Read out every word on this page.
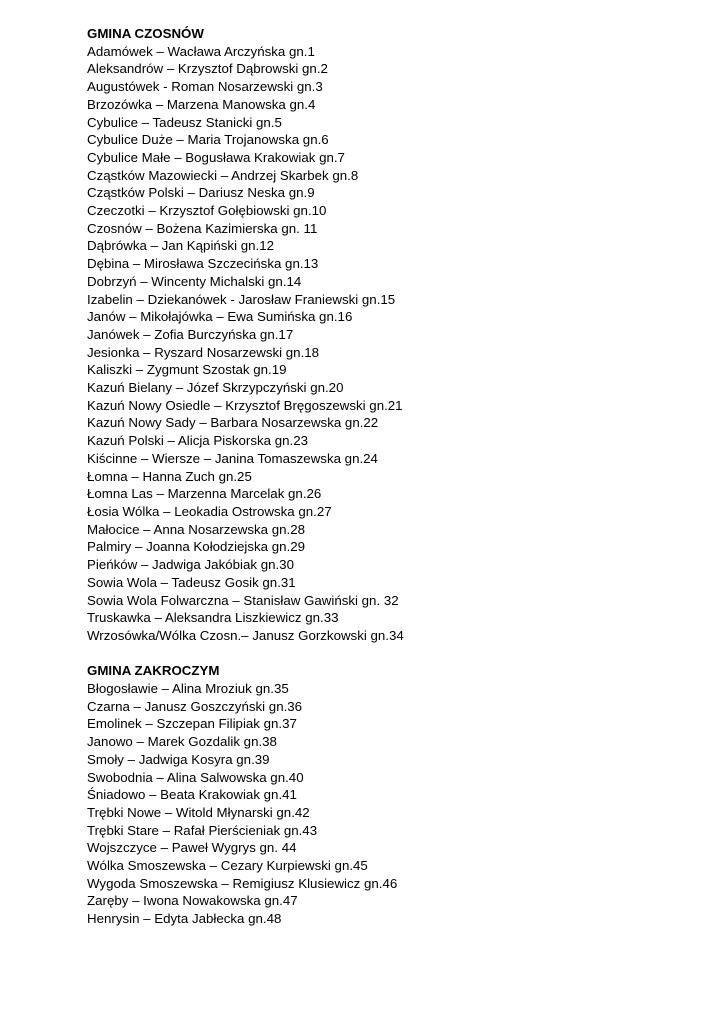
GMINA CZOSNÓW
Adamówek – Wacława Arczyńska gn.1
Aleksandrów – Krzysztof Dąbrowski gn.2
Augustówek - Roman Nosarzewski gn.3
Brzozówka – Marzena Manowska gn.4
Cybulice – Tadeusz Stanicki gn.5
Cybulice Duże – Maria Trojanowska gn.6
Cybulice Małe – Bogusława Krakowiak gn.7
Cząstków Mazowiecki – Andrzej Skarbek gn.8
Cząstków Polski – Dariusz Neska gn.9
Czeczotki – Krzysztof Gołębiowski gn.10
Czosnów – Bożena Kazimierska gn. 11
Dąbrówka – Jan Kąpiński gn.12
Dębina – Mirosława Szczecińska gn.13
Dobrzyń – Wincenty Michalski gn.14
Izabelin – Dziekanówek - Jarosław Franiewski gn.15
Janów – Mikołajówka – Ewa Sumińska gn.16
Janówek – Zofia Burczyńska gn.17
Jesionka – Ryszard Nosarzewski gn.18
Kaliszki – Zygmunt Szostak gn.19
Kazuń Bielany – Józef Skrzypczyński gn.20
Kazuń Nowy Osiedle – Krzysztof Bręgoszewski gn.21
Kazuń Nowy Sady – Barbara Nosarzewska gn.22
Kazuń Polski – Alicja Piskorska gn.23
Kiścinne – Wiersze – Janina Tomaszewska gn.24
Łomna – Hanna Zuch gn.25
Łomna Las – Marzenna Marcelak gn.26
Łosia Wólka – Leokadia Ostrowska gn.27
Małocice – Anna Nosarzewska gn.28
Palmiry – Joanna Kołodziejska gn.29
Pieńków – Jadwiga Jakóbiak gn.30
Sowia Wola – Tadeusz Gosik gn.31
Sowia Wola Folwarczna – Stanisław Gawiński gn. 32
Truskawka – Aleksandra Liszkiewicz gn.33
Wrzosówka/Wólka Czosn.– Janusz Gorzkowski gn.34
GMINA ZAKROCZYM
Błogosławie – Alina Mroziuk gn.35
Czarna – Janusz Goszczyński gn.36
Emolinek – Szczepan Filipiak gn.37
Janowo – Marek Gozdalik gn.38
Smoły – Jadwiga Kosyra gn.39
Swobodnia – Alina Salwowska gn.40
Śniadowo – Beata Krakowiak gn.41
Trębki Nowe – Witold Młynarski gn.42
Trębki Stare – Rafał Pierścieniak gn.43
Wojszczyce – Paweł Wygrys gn. 44
Wólka Smoszewska – Cezary Kurpiewski gn.45
Wygoda Smoszewska – Remigiusz Klusiewicz gn.46
Zaręby – Iwona Nowakowska gn.47
Henrysin – Edyta Jabłecka gn.48
